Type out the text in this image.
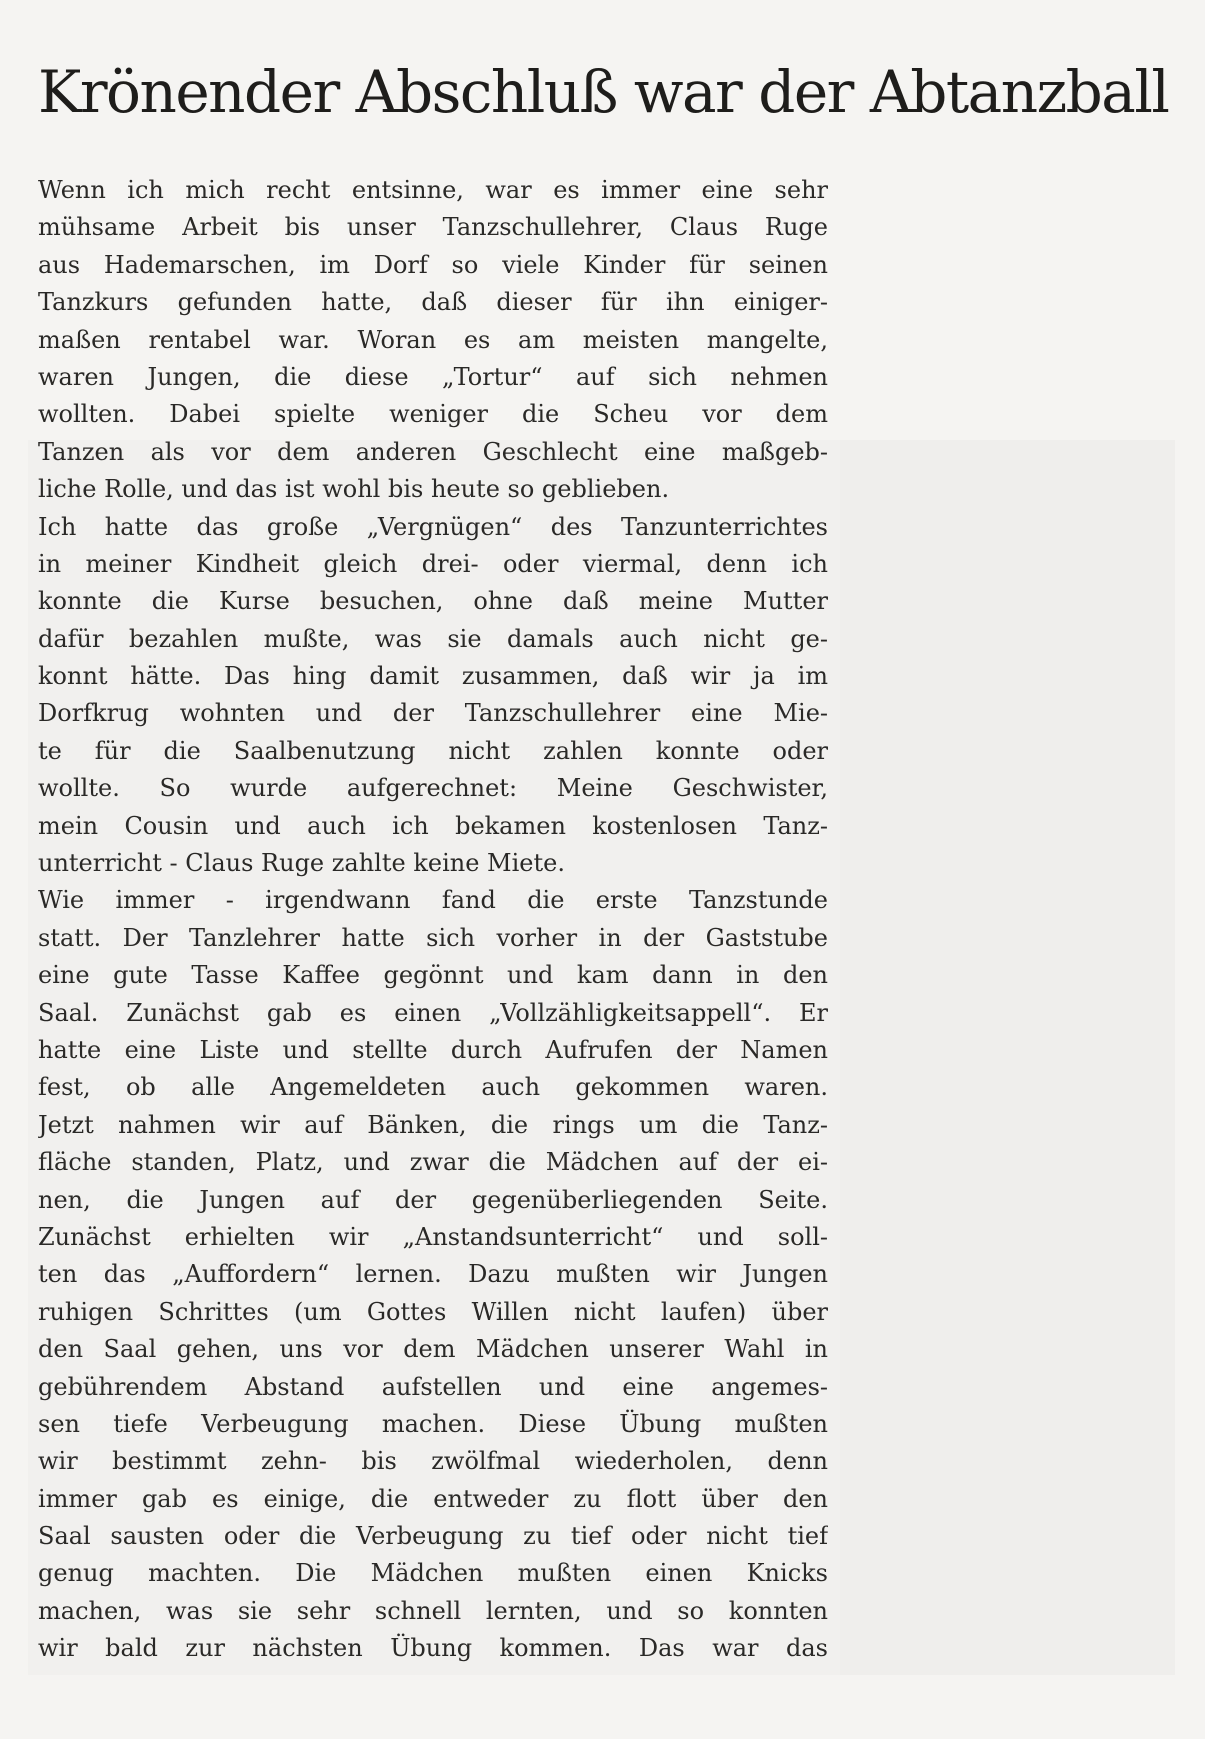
Krönender Abschluß war der Abtanzball
Wenn ich mich recht entsinne, war es immer eine sehr
mühsame Arbeit bis unser Tanzschullehrer, Claus Ruge
aus Hademarschen, im Dorf so viele Kinder für seinen
Tanzkurs gefunden hatte, daß dieser für ihn einiger-
maßen rentabel war. Woran es am meisten mangelte,
waren Jungen, die diese „Tortur“ auf sich nehmen
wollten. Dabei spielte weniger die Scheu vor dem
Tanzen als vor dem anderen Geschlecht eine maßgeb-
liche Rolle, und das ist wohl bis heute so geblieben.
Ich hatte das große „Vergnügen“ des Tanzunterrichtes
in meiner Kindheit gleich drei- oder viermal, denn ich
konnte die Kurse besuchen, ohne daß meine Mutter
dafür bezahlen mußte, was sie damals auch nicht ge-
konnt hätte. Das hing damit zusammen, daß wir ja im
Dorfkrug wohnten und der Tanzschullehrer eine Mie-
te für die Saalbenutzung nicht zahlen konnte oder
wollte. So wurde aufgerechnet: Meine Geschwister,
mein Cousin und auch ich bekamen kostenlosen Tanz-
unterricht - Claus Ruge zahlte keine Miete.
Wie immer - irgendwann fand die erste Tanzstunde
statt. Der Tanzlehrer hatte sich vorher in der Gaststube
eine gute Tasse Kaffee gegönnt und kam dann in den
Saal. Zunächst gab es einen „Vollzähligkeitsappell“. Er
hatte eine Liste und stellte durch Aufrufen der Namen
fest, ob alle Angemeldeten auch gekommen waren.
Jetzt nahmen wir auf Bänken, die rings um die Tanz-
fläche standen, Platz, und zwar die Mädchen auf der ei-
nen, die Jungen auf der gegenüberliegenden Seite.
Zunächst erhielten wir „Anstandsunterricht“ und soll-
ten das „Auffordern“ lernen. Dazu mußten wir Jungen
ruhigen Schrittes (um Gottes Willen nicht laufen) über
den Saal gehen, uns vor dem Mädchen unserer Wahl in
gebührendem Abstand aufstellen und eine angemes-
sen tiefe Verbeugung machen. Diese Übung mußten
wir bestimmt zehn- bis zwölfmal wiederholen, denn
immer gab es einige, die entweder zu flott über den
Saal sausten oder die Verbeugung zu tief oder nicht tief
genug machten. Die Mädchen mußten einen Knicks
machen, was sie sehr schnell lernten, und so konnten
wir bald zur nächsten Übung kommen. Das war das
